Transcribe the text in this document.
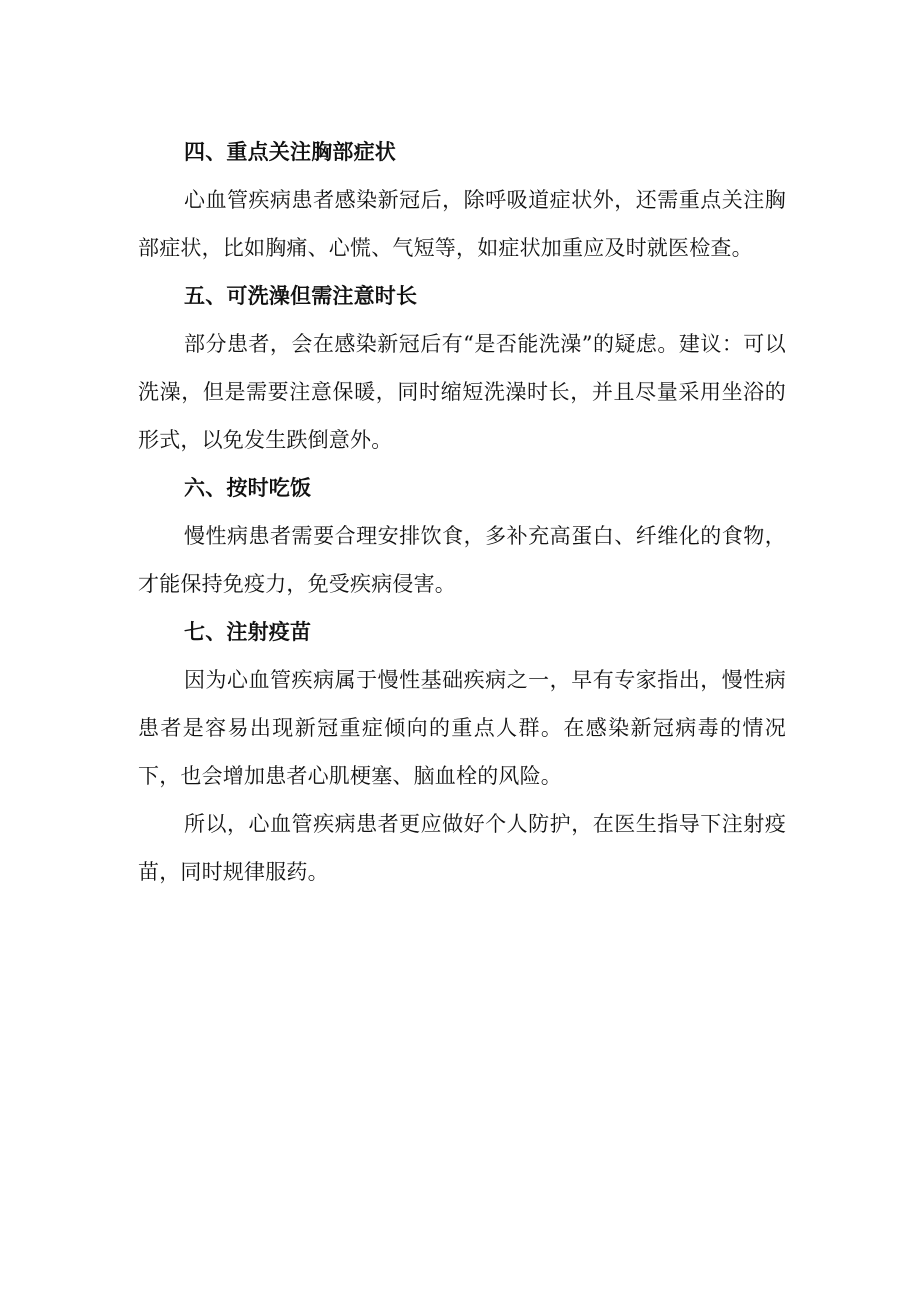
四、重点关注胸部症状

心血管疾病患者感染新冠后，除呼吸道症状外，还需重点关注胸部症状，比如胸痛、心慌、气短等，如症状加重应及时就医检查。

五、可洗澡但需注意时长

部分患者，会在感染新冠后有“是否能洗澡”的疑虑。建议：可以洗澡，但是需要注意保暖，同时缩短洗澡时长，并且尽量采用坐浴的形式，以免发生跌倒意外。

六、按时吃饭

慢性病患者需要合理安排饮食，多补充高蛋白、纤维化的食物，才能保持免疫力，免受疾病侵害。

七、注射疫苗

因为心血管疾病属于慢性基础疾病之一，早有专家指出，慢性病患者是容易出现新冠重症倾向的重点人群。在感染新冠病毒的情况下，也会增加患者心肌梗塞、脑血栓的风险。

所以，心血管疾病患者更应做好个人防护，在医生指导下注射疫苗，同时规律服药。
